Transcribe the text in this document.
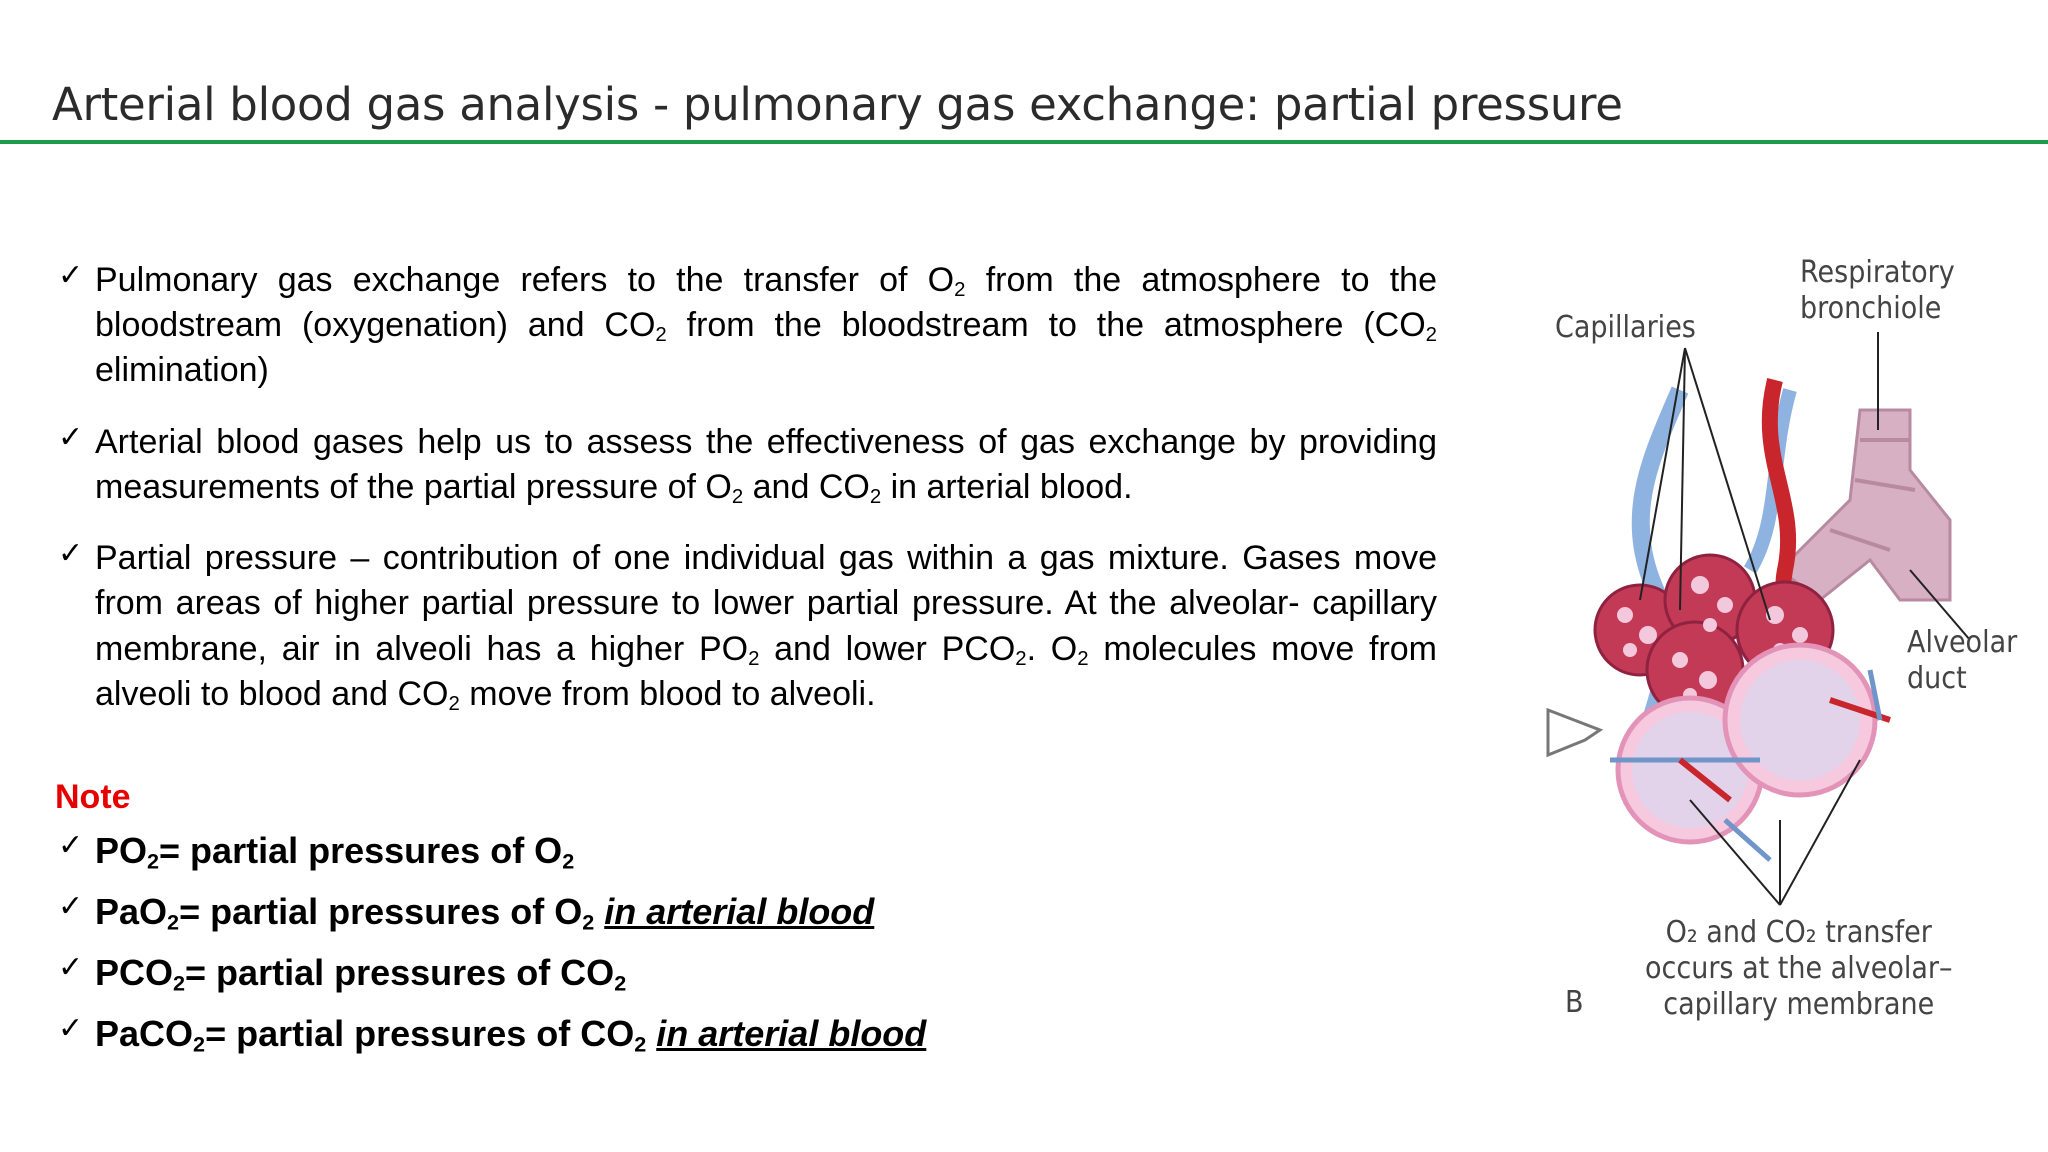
Arterial blood gas analysis - pulmonary gas exchange: partial pressure
✓ Pulmonary gas exchange refers to the transfer of $O_2$ from the atmosphere to the bloodstream (oxygenation) and $CO_2$ from the bloodstream to the atmosphere ($CO_2$ elimination)
✓ Arterial blood gases help us to assess the effectiveness of gas exchange by providing measurements of the partial pressure of $O_2$ and $CO_2$ in arterial blood.
✓ Partial pressure – contribution of one individual gas within a gas mixture. Gases move from areas of higher partial pressure to lower partial pressure. At the alveolar- capillary membrane, air in alveoli has a higher $PO_2$ and lower $PCO_2$. $O_2$ molecules move from alveoli to blood and $CO_2$ move from blood to alveoli.
Note
✓ $PO_2=$ partial pressures of $O_2$
✓ PaO$_2$= partial pressures of $O_2$ in arterial blood
✓ $PCO_2=$ partial pressures of $CO_2$
✓ PaCO$_2$= partial pressures of $CO_2$ in arterial blood
Respiratory
bronchiole
Capillaries
Alveolar
duct
O₂ and CO₂ transfer
occurs at the alveolar–
capillary membrane
B
